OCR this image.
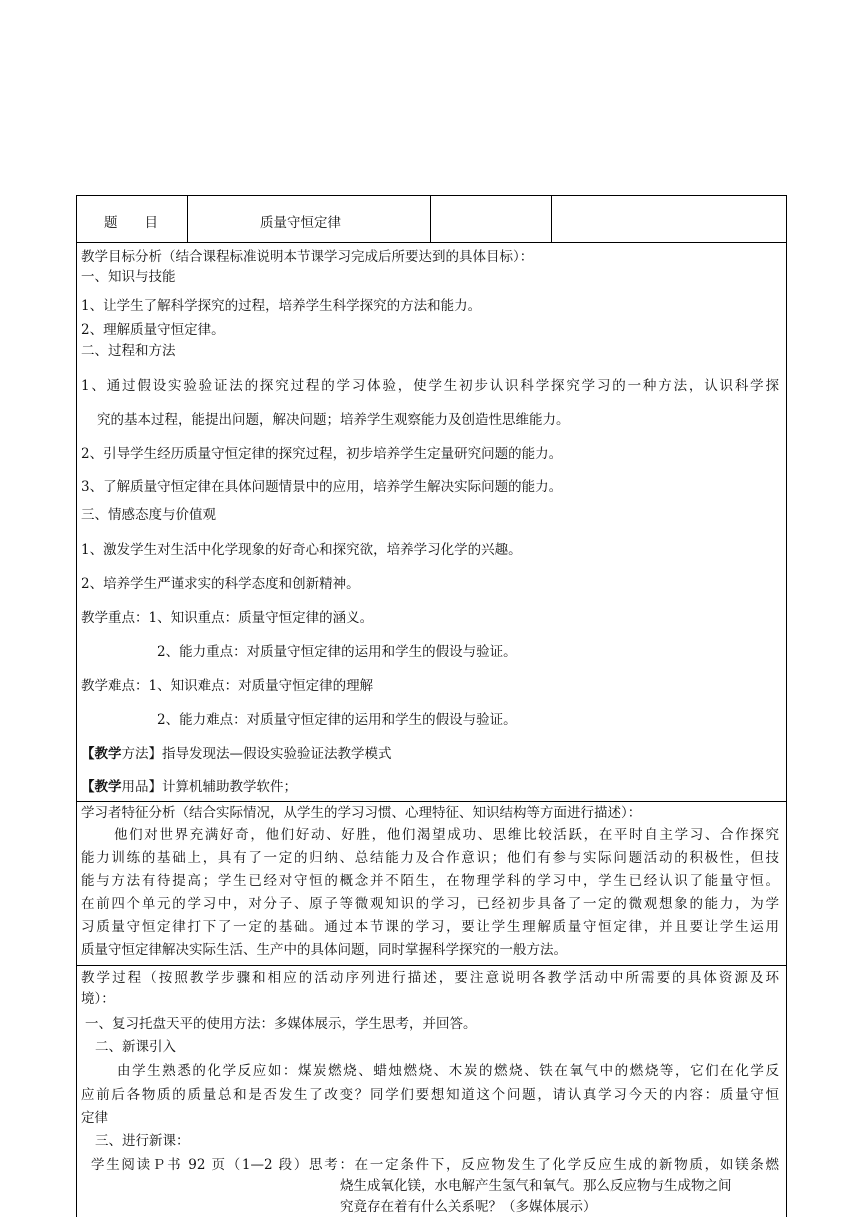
题　　目	质量守恒定律
教学目标分析（结合课程标准说明本节课学习完成后所要达到的具体目标）：
一、知识与技能
1、让学生了解科学探究的过程，培养学生科学探究的方法和能力。
2、理解质量守恒定律。
二、过程和方法
1、通过假设实验验证法的探究过程的学习体验，使学生初步认识科学探究学习的一种方法，认识科学探
究的基本过程，能提出问题，解决问题；培养学生观察能力及创造性思维能力。
2、引导学生经历质量守恒定律的探究过程，初步培养学生定量研究问题的能力。
3、了解质量守恒定律在具体问题情景中的应用，培养学生解决实际问题的能力。
三、情感态度与价值观
1、激发学生对生活中化学现象的好奇心和探究欲，培养学习化学的兴趣。
2、培养学生严谨求实的科学态度和创新精神。
教学重点：1、知识重点：质量守恒定律的涵义。
2、能力重点：对质量守恒定律的运用和学生的假设与验证。
教学难点：1、知识难点：对质量守恒定律的理解
2、能力难点：对质量守恒定律的运用和学生的假设与验证。
【教学方法】指导发现法—假设实验验证法教学模式
【教学用品】计算机辅助教学软件；
学习者特征分析（结合实际情况，从学生的学习习惯、心理特征、知识结构等方面进行描述）：
他们对世界充满好奇，他们好动、好胜，他们渴望成功、思维比较活跃，在平时自主学习、合作探究
能力训练的基础上，具有了一定的归纳、总结能力及合作意识；他们有参与实际问题活动的积极性，但技
能与方法有待提高；学生已经对守恒的概念并不陌生，在物理学科的学习中，学生已经认识了能量守恒。
在前四个单元的学习中，对分子、原子等微观知识的学习，已经初步具备了一定的微观想象的能力，为学
习质量守恒定律打下了一定的基础。通过本节课的学习，要让学生理解质量守恒定律，并且要让学生运用
质量守恒定律解决实际生活、生产中的具体问题，同时掌握科学探究的一般方法。
教学过程（按照教学步骤和相应的活动序列进行描述，要注意说明各教学活动中所需要的具体资源及环
境）：
一、复习托盘天平的使用方法：多媒体展示，学生思考，并回答。
二、新课引入
由学生熟悉的化学反应如：煤炭燃烧、蜡烛燃烧、木炭的燃烧、铁在氧气中的燃烧等，它们在化学反
应前后各物质的质量总和是否发生了改变？同学们要想知道这个问题，请认真学习今天的内容：质量守恒
定律
三、进行新课：
学生阅读Ｐ书 92 页（1—2 段）思考：在一定条件下，反应物发生了化学反应生成的新物质，如镁条燃
烧生成氧化镁，水电解产生氢气和氧气。那么反应物与生成物之间
究竟存在着有什么关系呢？（多媒体展示）
